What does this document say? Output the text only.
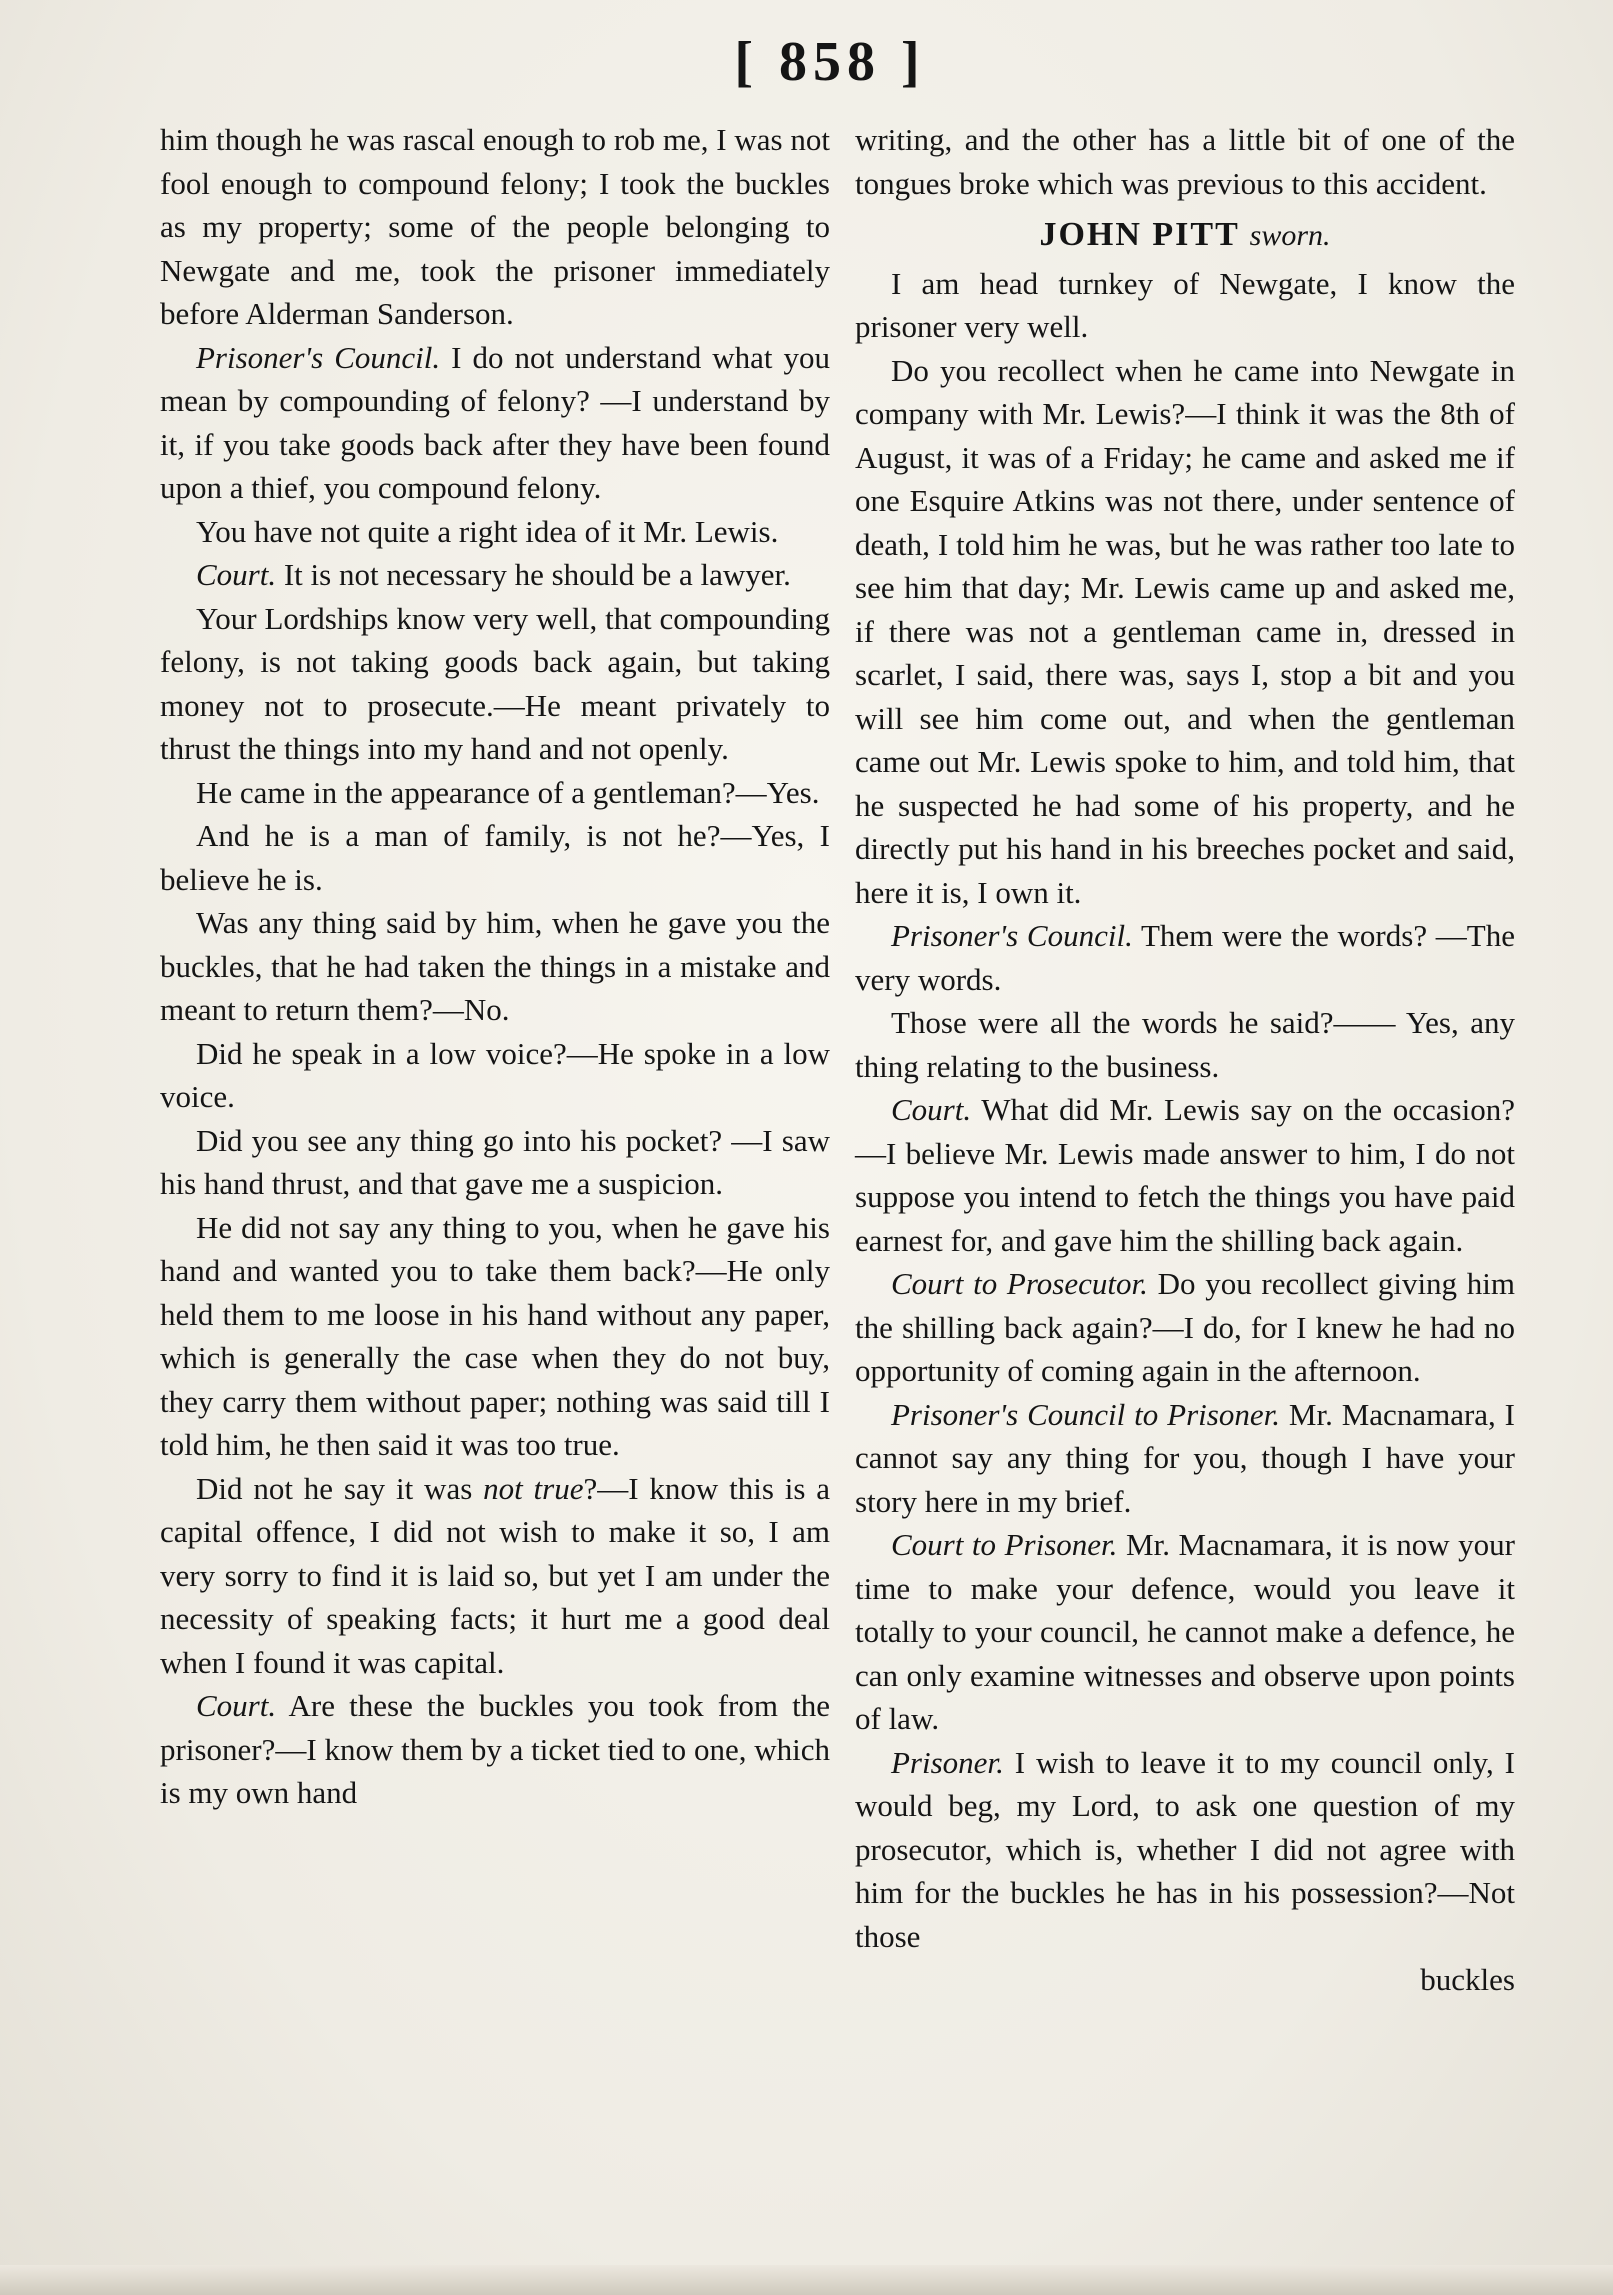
[ 858 ]

him though he was rascal enough to rob me, I was not fool enough to compound felony; I took the buckles as my property; some of the people belonging to Newgate and me, took the prisoner immediately before Alderman Sanderson.

Prisoner's Council. I do not understand what you mean by compounding of felony? —I understand by it, if you take goods back after they have been found upon a thief, you compound felony.

You have not quite a right idea of it Mr. Lewis.

Court. It is not necessary he should be a lawyer.

Your Lordships know very well, that compounding felony, is not taking goods back again, but taking money not to prosecute.—He meant privately to thrust the things into my hand and not openly.

He came in the appearance of a gentleman?—Yes.

And he is a man of family, is not he?—Yes, I believe he is.

Was any thing said by him, when he gave you the buckles, that he had taken the things in a mistake and meant to return them?—No.

Did he speak in a low voice?—He spoke in a low voice.

Did you see any thing go into his pocket? —I saw his hand thrust, and that gave me a suspicion.

He did not say any thing to you, when he gave his hand and wanted you to take them back?—He only held them to me loose in his hand without any paper, which is generally the case when they do not buy, they carry them without paper; nothing was said till I told him, he then said it was too true.

Did not he say it was not true?—I know this is a capital offence, I did not wish to make it so, I am very sorry to find it is laid so, but yet I am under the necessity of speaking facts; it hurt me a good deal when I found it was capital.

Court. Are these the buckles you took from the prisoner?—I know them by a ticket tied to one, which is my own hand

writing, and the other has a little bit of one of the tongues broke which was previous to this accident.

JOHN PITT sworn.

I am head turnkey of Newgate, I know the prisoner very well.

Do you recollect when he came into Newgate in company with Mr. Lewis?—I think it was the 8th of August, it was of a Friday; he came and asked me if one Esquire Atkins was not there, under sentence of death, I told him he was, but he was rather too late to see him that day; Mr. Lewis came up and asked me, if there was not a gentleman came in, dressed in scarlet, I said, there was, says I, stop a bit and you will see him come out, and when the gentleman came out Mr. Lewis spoke to him, and told him, that he suspected he had some of his property, and he directly put his hand in his breeches pocket and said, here it is, I own it.

Prisoner's Council. Them were the words? —The very words.

Those were all the words he said?—— Yes, any thing relating to the business.

Court. What did Mr. Lewis say on the occasion?—I believe Mr. Lewis made answer to him, I do not suppose you intend to fetch the things you have paid earnest for, and gave him the shilling back again.

Court to Prosecutor. Do you recollect giving him the shilling back again?—I do, for I knew he had no opportunity of coming again in the afternoon.

Prisoner's Council to Prisoner. Mr. Macnamara, I cannot say any thing for you, though I have your story here in my brief.

Court to Prisoner. Mr. Macnamara, it is now your time to make your defence, would you leave it totally to your council, he cannot make a defence, he can only examine witnesses and observe upon points of law.

Prisoner. I wish to leave it to my council only, I would beg, my Lord, to ask one question of my prosecutor, which is, whether I did not agree with him for the buckles he has in his possession?—Not those

buckles
